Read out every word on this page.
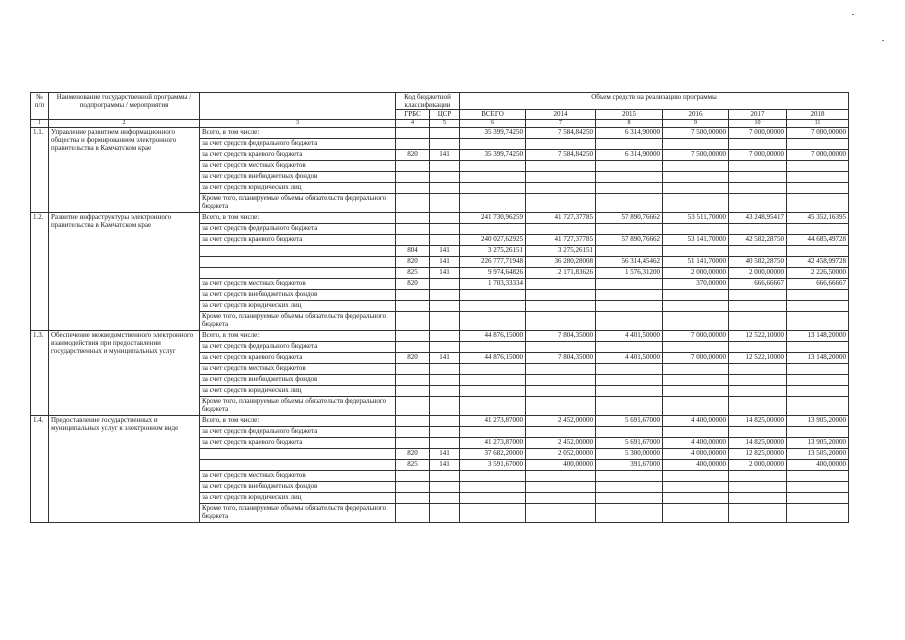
№ п/п	Наименование государственной программы / подпрограммы / мероприятия		Код бюджетной классификации		Объем средств на реализацию программы					
			ГРБС	ЦСР	ВСЕГО	2014	2015	2016	2017	2018
1	2	3	4	5	6	7	8	9	10	11
1.1.	Управление развитием информационного общества и формированием электронного правительства в Камчатском крае	Всего, в том числе:			35 399,74250	7 584,84250	6 314,90000	7 500,00000	7 000,00000	7 000,00000
		за счет средств федерального бюджета								
		за счет средств краевого бюджета	820	141	35 399,74250	7 584,84250	6 314,90000	7 500,00000	7 000,00000	7 000,00000
		за счет средств местных бюджетов								
		за счет средств внебюджетных фондов								
		за счет средств юридических лиц								
		Кроме того, планируемые объемы обязательств федерального бюджета								
1.2.	Развитие инфраструктуры электронного правительства в Камчатском крае	Всего, в том числе:			241 730,96259	41 727,37785	57 890,76662	53 511,70000	43 248,95417	45 352,16395
		за счет средств федерального бюджета								
		за счет средств краевого бюджета			240 027,62925	41 727,37785	57 890,76662	53 141,70000	42 582,28750	44 685,49728
			804	141	3 275,26151	3 275,26151				
			820	141	226 777,71948	36 280,28008	56 314,45462	51 141,70000	40 582,28750	42 458,99728
			825	141	9 974,64826	2 171,83626	1 576,31200	2 000,00000	2 000,00000	2 226,50000
		за счет средств местных бюджетов	820		1 703,33334			370,00000	666,66667	666,66667
		за счет средств внебюджетных фондов								
		за счет средств юридических лиц								
		Кроме того, планируемые объемы обязательств федерального бюджета								
1.3.	Обеспечение межведомственного электронного взаимодействия при предоставлении государственных и муниципальных услуг	Всего, в том числе:			44 876,15000	7 804,35000	4 401,50000	7 000,00000	12 522,10000	13 148,20000
		за счет средств федерального бюджета								
		за счет средств краевого бюджета	820	141	44 876,15000	7 804,35000	4 401,50000	7 000,00000	12 522,10000	13 148,20000
		за счет средств местных бюджетов								
		за счет средств внебюджетных фондов								
		за счет средств юридических лиц								
		Кроме того, планируемые объемы обязательств федерального бюджета								
1.4.	Предоставление государственных и муниципальных услуг в электронном виде	Всего, в том числе:			41 273,87000	2 452,00000	5 691,67000	4 400,00000	14 825,00000	13 905,20000
		за счет средств федерального бюджета								
		за счет средств краевого бюджета			41 273,87000	2 452,00000	5 691,67000	4 400,00000	14 825,00000	13 905,20000
			820	141	37 682,20000	2 052,00000	5 300,00000	4 000,00000	12 825,00000	13 505,20000
			825	141	3 591,67000	400,00000	391,67000	400,00000	2 000,00000	400,00000
		за счет средств местных бюджетов								
		за счет средств внебюджетных фондов								
		за счет средств юридических лиц								
		Кроме того, планируемые объемы обязательств федерального бюджета								
